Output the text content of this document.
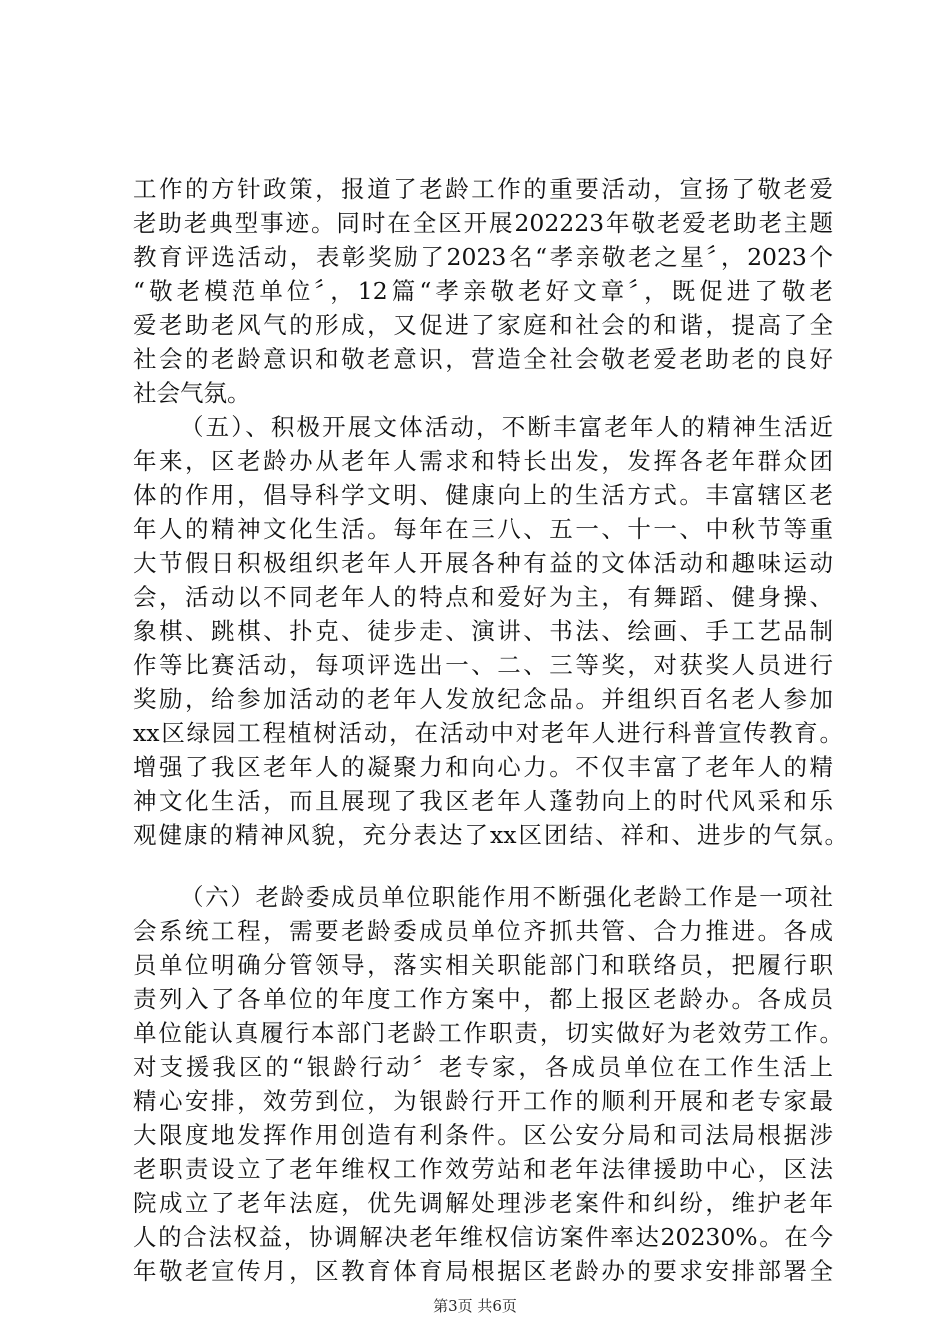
工作的方针政策，报道了老龄工作的重要活动，宣扬了敬老爱
老助老典型事迹。同时在全区开展202223年敬老爱老助老主题
教育评选活动，表彰奖励了2023名“孝亲敬老之星〞，2023个
“敬老模范单位〞，12篇“孝亲敬老好文章〞，既促进了敬老
爱老助老风气的形成，又促进了家庭和社会的和谐，提高了全
社会的老龄意识和敬老意识，营造全社会敬老爱老助老的良好
社会气氛。
（五）、积极开展文体活动，不断丰富老年人的精神生活近
年来，区老龄办从老年人需求和特长出发，发挥各老年群众团
体的作用，倡导科学文明、健康向上的生活方式。丰富辖区老
年人的精神文化生活。每年在三八、五一、十一、中秋节等重
大节假日积极组织老年人开展各种有益的文体活动和趣味运动
会，活动以不同老年人的特点和爱好为主，有舞蹈、健身操、
象棋、跳棋、扑克、徒步走、演讲、书法、绘画、手工艺品制
作等比赛活动，每项评选出一、二、三等奖，对获奖人员进行
奖励，给参加活动的老年人发放纪念品。并组织百名老人参加
xx区绿园工程植树活动，在活动中对老年人进行科普宣传教育。
增强了我区老年人的凝聚力和向心力。不仅丰富了老年人的精
神文化生活，而且展现了我区老年人蓬勃向上的时代风采和乐
观健康的精神风貌，充分表达了xx区团结、祥和、进步的气氛。
（六）老龄委成员单位职能作用不断强化老龄工作是一项社
会系统工程，需要老龄委成员单位齐抓共管、合力推进。各成
员单位明确分管领导，落实相关职能部门和联络员，把履行职
责列入了各单位的年度工作方案中，都上报区老龄办。各成员
单位能认真履行本部门老龄工作职责，切实做好为老效劳工作。
对支援我区的“银龄行动〞老专家，各成员单位在工作生活上
精心安排，效劳到位，为银龄行开工作的顺利开展和老专家最
大限度地发挥作用创造有利条件。区公安分局和司法局根据涉
老职责设立了老年维权工作效劳站和老年法律援助中心，区法
院成立了老年法庭，优先调解处理涉老案件和纠纷，维护老年
人的合法权益，协调解决老年维权信访案件率达20230%。在今
年敬老宣传月，区教育体育局根据区老龄办的要求安排部署全
第3页 共6页
